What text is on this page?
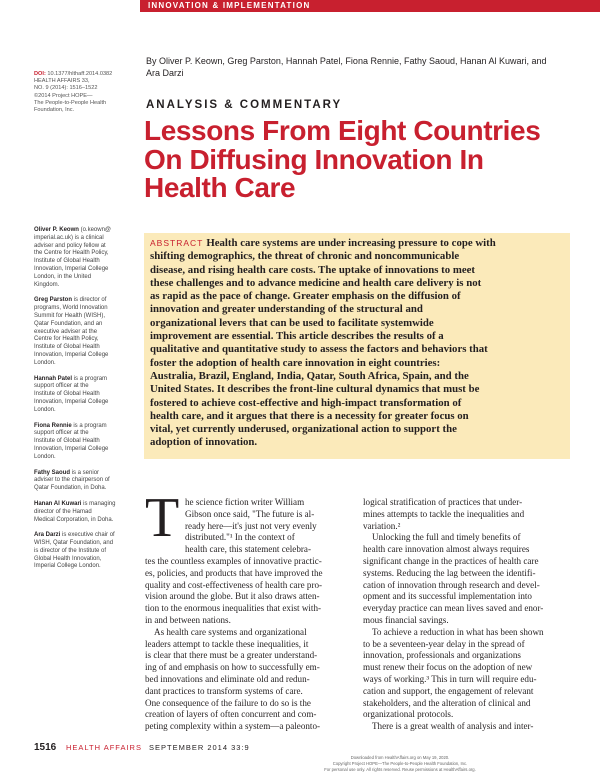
INNOVATION & IMPLEMENTATION
DOI: 10.1377/hlthaff.2014.0382
HEALTH AFFAIRS 33,
NO. 9 (2014): 1516–1522
©2014 Project HOPE—
The People-to-People Health
Foundation, Inc.
By Oliver P. Keown, Greg Parston, Hannah Patel, Fiona Rennie, Fathy Saoud, Hanan Al Kuwari, and
Ara Darzi
ANALYSIS & COMMENTARY
Lessons From Eight Countries On Diffusing Innovation In Health Care
Oliver P. Keown (o.keown@
imperial.ac.uk) is a clinical
adviser and policy fellow at
the Centre for Health Policy,
Institute of Global Health
Innovation, Imperial College
London, in the United
Kingdom.
Greg Parston is director of
programs, World Innovation
Summit for Health (WISH),
Qatar Foundation, and an
executive adviser at the
Centre for Health Policy,
Institute of Global Health
Innovation, Imperial College
London.
Hannah Patel is a program
support officer at the
Institute of Global Health
Innovation, Imperial College
London.
Fiona Rennie is a program
support officer at the
Institute of Global Health
Innovation, Imperial College
London.
Fathy Saoud is a senior
adviser to the chairperson of
Qatar Foundation, in Doha.
Hanan Al Kuwari is managing
director of the Hamad
Medical Corporation, in Doha.
Ara Darzi is executive chair of
WISH, Qatar Foundation, and
is director of the Institute of
Global Health Innovation,
Imperial College London.
ABSTRACT Health care systems are under increasing pressure to cope with
shifting demographics, the threat of chronic and noncommunicable
disease, and rising health care costs. The uptake of innovations to meet
these challenges and to advance medicine and health care delivery is not
as rapid as the pace of change. Greater emphasis on the diffusion of
innovation and greater understanding of the structural and
organizational levers that can be used to facilitate systemwide
improvement are essential. This article describes the results of a
qualitative and quantitative study to assess the factors and behaviors that
foster the adoption of health care innovation in eight countries:
Australia, Brazil, England, India, Qatar, South Africa, Spain, and the
United States. It describes the front-line cultural dynamics that must be
fostered to achieve cost-effective and high-impact transformation of
health care, and it argues that there is a necessity for greater focus on
vital, yet currently underused, organizational action to support the
adoption of innovation.
T he science fiction writer William
Gibson once said, "The future is al-
ready here—it's just not very evenly
distributed."¹ In the context of
health care, this statement celebra-
tes the countless examples of innovative practic-
es, policies, and products that have improved the
quality and cost-effectiveness of health care pro-
vision around the globe. But it also draws atten-
tion to the enormous inequalities that exist with-
in and between nations.
As health care systems and organizational
leaders attempt to tackle these inequalities, it
is clear that there must be a greater understand-
ing of and emphasis on how to successfully em-
bed innovations and eliminate old and redun-
dant practices to transform systems of care.
One consequence of the failure to do so is the
creation of layers of often concurrent and com-
peting complexity within a system—a paleonto-
logical stratification of practices that under-
mines attempts to tackle the inequalities and
variation.²
Unlocking the full and timely benefits of
health care innovation almost always requires
significant change in the practices of health care
systems. Reducing the lag between the identifi-
cation of innovation through research and devel-
opment and its successful implementation into
everyday practice can mean lives saved and enor-
mous financial savings.
To achieve a reduction in what has been shown
to be a seventeen-year delay in the spread of
innovation, professionals and organizations
must renew their focus on the adoption of new
ways of working.³ This in turn will require edu-
cation and support, the engagement of relevant
stakeholders, and the alteration of clinical and
organizational protocols.
There is a great wealth of analysis and inter-
1516 HEALTH AFFAIRS SEPTEMBER 2014 33:9
Downloaded from HealthAffairs.org on May 19, 2020.
Copyright Project HOPE—The People-to-People Health Foundation, Inc.
For personal use only. All rights reserved. Reuse permissions at HealthAffairs.org.
